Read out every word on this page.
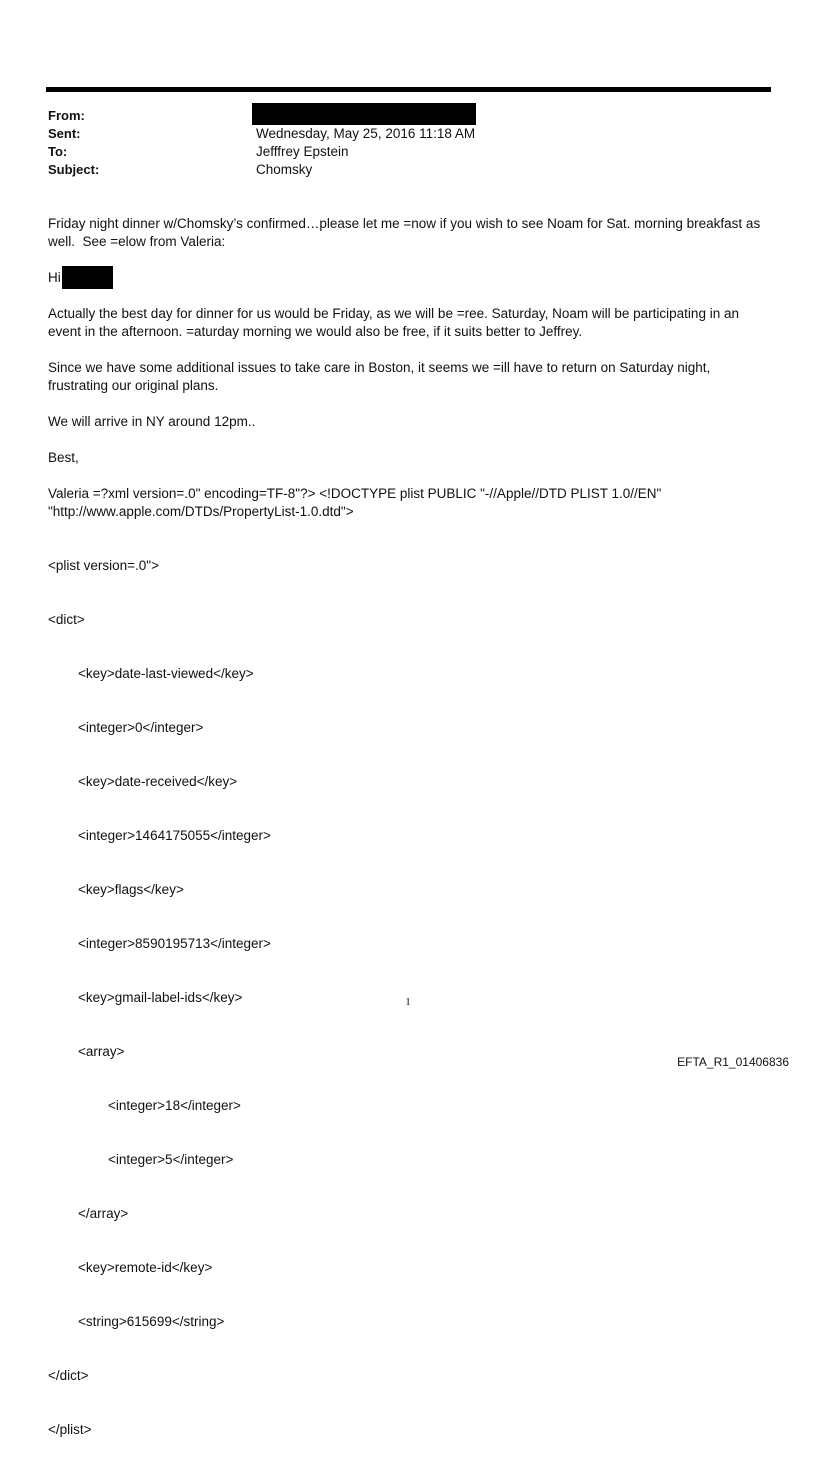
From:
Sent:	Wednesday, May 25, 2016 11:18 AM
To:	Jefffrey Epstein
Subject:	Chomsky

Friday night dinner w/Chomsky’s confirmed…please let me =now if you wish to see Noam for Sat. morning breakfast as well.  See =elow from Valeria:

Hi

Actually the best day for dinner for us would be Friday, as we will be =ree. Saturday, Noam will be participating in an event in the afternoon. =aturday morning we would also be free, if it suits better to Jeffrey.

Since we have some additional issues to take care in Boston, it seems we =ill have to return on Saturday night, frustrating our original plans.

We will arrive in NY around 12pm..

Best,

Valeria =?xml version=.0" encoding=TF-8"?> <!DOCTYPE plist PUBLIC "-//Apple//DTD PLIST 1.0//EN"

"http://www.apple.com/DTDs/PropertyList-1.0.dtd">

<plist version=.0">

<dict>

<key>date-last-viewed</key>

<integer>0</integer>

<key>date-received</key>

<integer>1464175055</integer>

<key>flags</key>

<integer>8590195713</integer>

<key>gmail-label-ids</key>

<array>

<integer>18</integer>

<integer>5</integer>

</array>

<key>remote-id</key>

<string>615699</string>

</dict>

</plist>

1
EFTA_R1_01406836
